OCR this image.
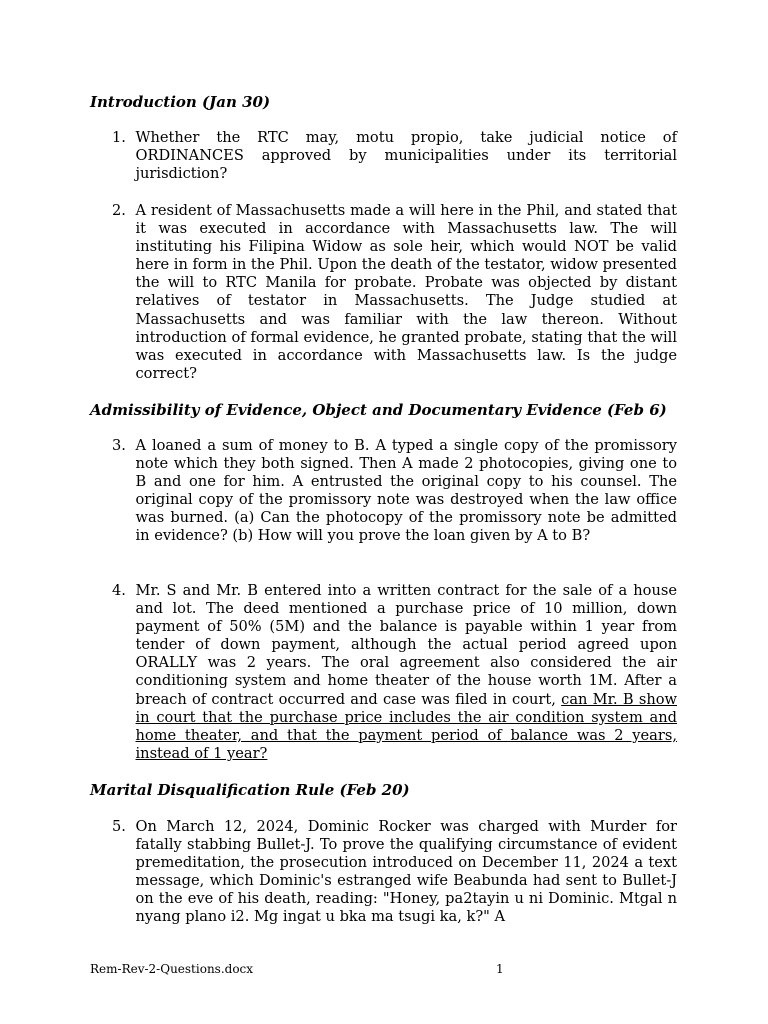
Introduction (Jan 30)
1. Whether the RTC may, motu propio, take judicial notice of ORDINANCES approved by municipalities under its territorial jurisdiction?
2. A resident of Massachusetts made a will here in the Phil, and stated that it was executed in accordance with Massachusetts law. The will instituting his Filipina Widow as sole heir, which would NOT be valid here in form in the Phil. Upon the death of the testator, widow presented the will to RTC Manila for probate. Probate was objected by distant relatives of testator in Massachusetts. The Judge studied at Massachusetts and was familiar with the law thereon. Without introduction of formal evidence, he granted probate, stating that the will was executed in accordance with Massachusetts law. Is the judge correct?
Admissibility of Evidence, Object and Documentary Evidence (Feb 6)
3. A loaned a sum of money to B. A typed a single copy of the promissory note which they both signed. Then A made 2 photocopies, giving one to B and one for him. A entrusted the original copy to his counsel. The original copy of the promissory note was destroyed when the law office was burned. (a) Can the photocopy of the promissory note be admitted in evidence? (b) How will you prove the loan given by A to B?
4. Mr. S and Mr. B entered into a written contract for the sale of a house and lot. The deed mentioned a purchase price of 10 million, down payment of 50% (5M) and the balance is payable within 1 year from tender of down payment, although the actual period agreed upon ORALLY was 2 years. The oral agreement also considered the air conditioning system and home theater of the house worth 1M. After a breach of contract occurred and case was filed in court, can Mr. B show in court that the purchase price includes the air condition system and home theater, and that the payment period of balance was 2 years, instead of 1 year?
Marital Disqualification Rule (Feb 20)
5. On March 12, 2024, Dominic Rocker was charged with Murder for fatally stabbing Bullet-J. To prove the qualifying circumstance of evident premeditation, the prosecution introduced on December 11, 2024 a text message, which Dominic's estranged wife Beabunda had sent to Bullet-J on the eve of his death, reading: "Honey, pa2tayin u ni Dominic. Mtgal n nyang plano i2. Mg ingat u bka ma tsugi ka, k?" A
Rem-Rev-2-Questions.docx	1
